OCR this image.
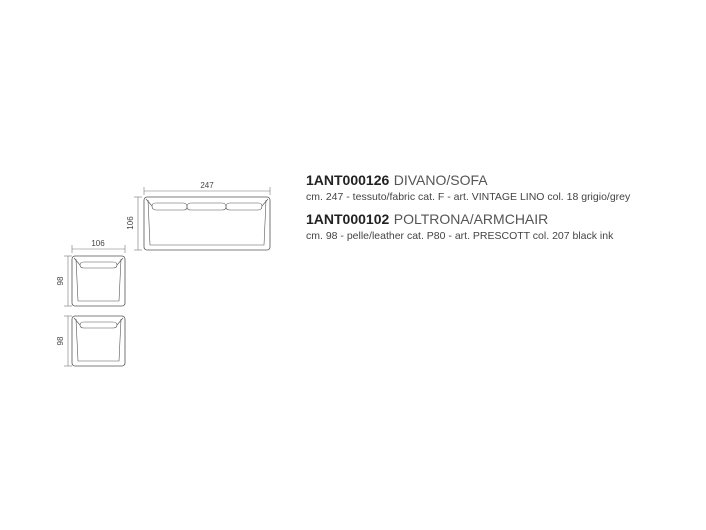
247
106
106
98
98
1ANT000126 DIVANO/SOFA
cm. 247 - tessuto/fabric cat. F - art. VINTAGE LINO col. 18 grigio/grey
1ANT000102 POLTRONA/ARMCHAIR
cm. 98 - pelle/leather cat. P80 - art. PRESCOTT col. 207 black ink
